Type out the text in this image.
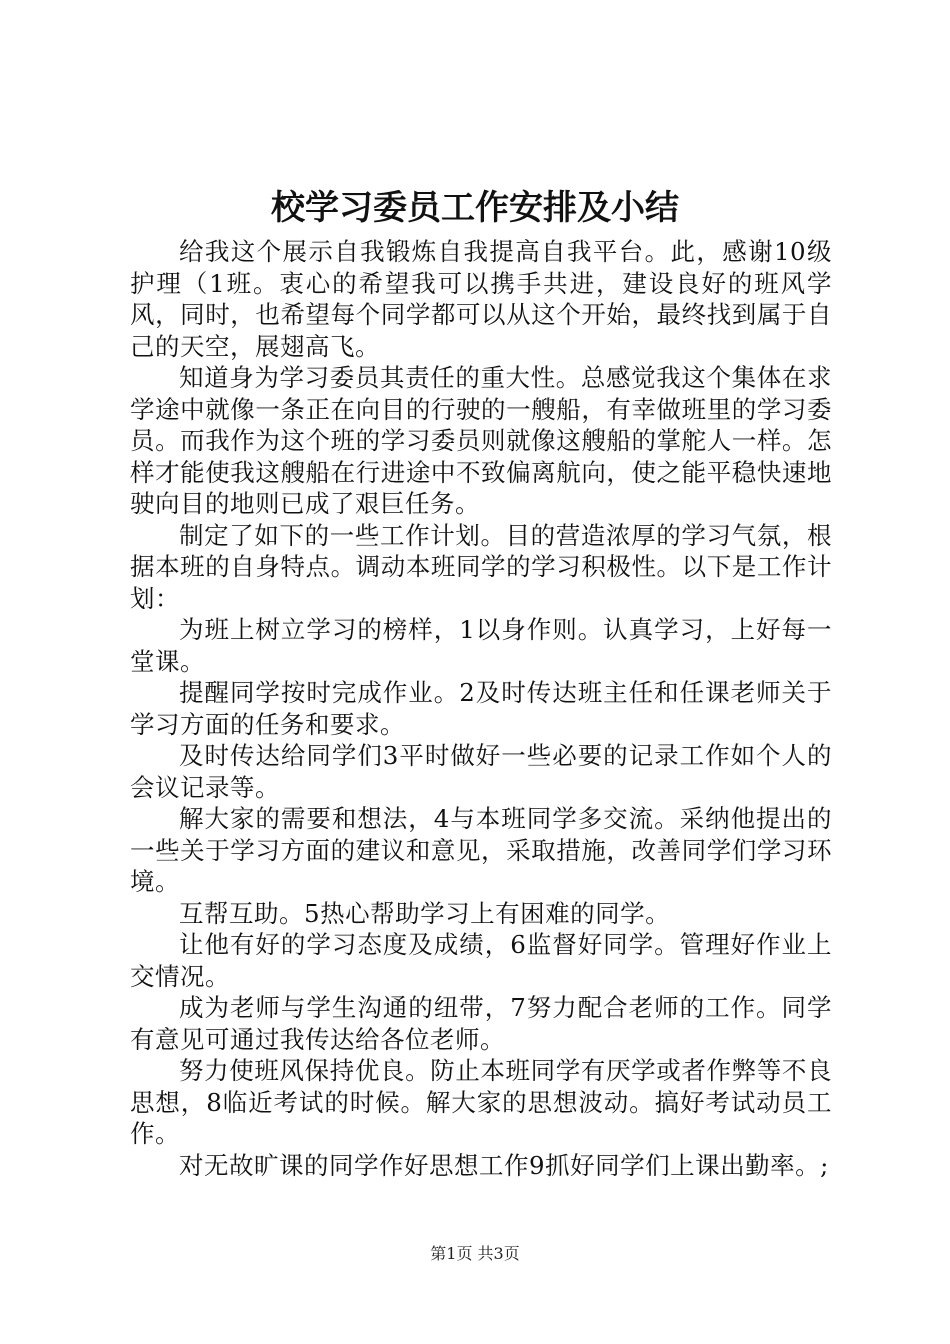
校学习委员工作安排及小结

给我这个展示自我锻炼自我提高自我平台。此，感谢10级护理（1班。衷心的希望我可以携手共进，建设良好的班风学风，同时，也希望每个同学都可以从这个开始，最终找到属于自己的天空，展翅高飞。

知道身为学习委员其责任的重大性。总感觉我这个集体在求学途中就像一条正在向目的行驶的一艘船，有幸做班里的学习委员。而我作为这个班的学习委员则就像这艘船的掌舵人一样。怎样才能使我这艘船在行进途中不致偏离航向，使之能平稳快速地驶向目的地则已成了艰巨任务。

制定了如下的一些工作计划。目的营造浓厚的学习气氛，根据本班的自身特点。调动本班同学的学习积极性。以下是工作计划：

为班上树立学习的榜样，1以身作则。认真学习，上好每一堂课。

提醒同学按时完成作业。2及时传达班主任和任课老师关于学习方面的任务和要求。

及时传达给同学们3平时做好一些必要的记录工作如个人的会议记录等。

解大家的需要和想法，4与本班同学多交流。采纳他提出的一些关于学习方面的建议和意见，采取措施，改善同学们学习环境。

互帮互助。5热心帮助学习上有困难的同学。

让他有好的学习态度及成绩，6监督好同学。管理好作业上交情况。

成为老师与学生沟通的纽带，7努力配合老师的工作。同学有意见可通过我传达给各位老师。

努力使班风保持优良。防止本班同学有厌学或者作弊等不良思想，8临近考试的时候。解大家的思想波动。搞好考试动员工作。

对无故旷课的同学作好思想工作9抓好同学们上课出勤率。;

第1页 共3页
